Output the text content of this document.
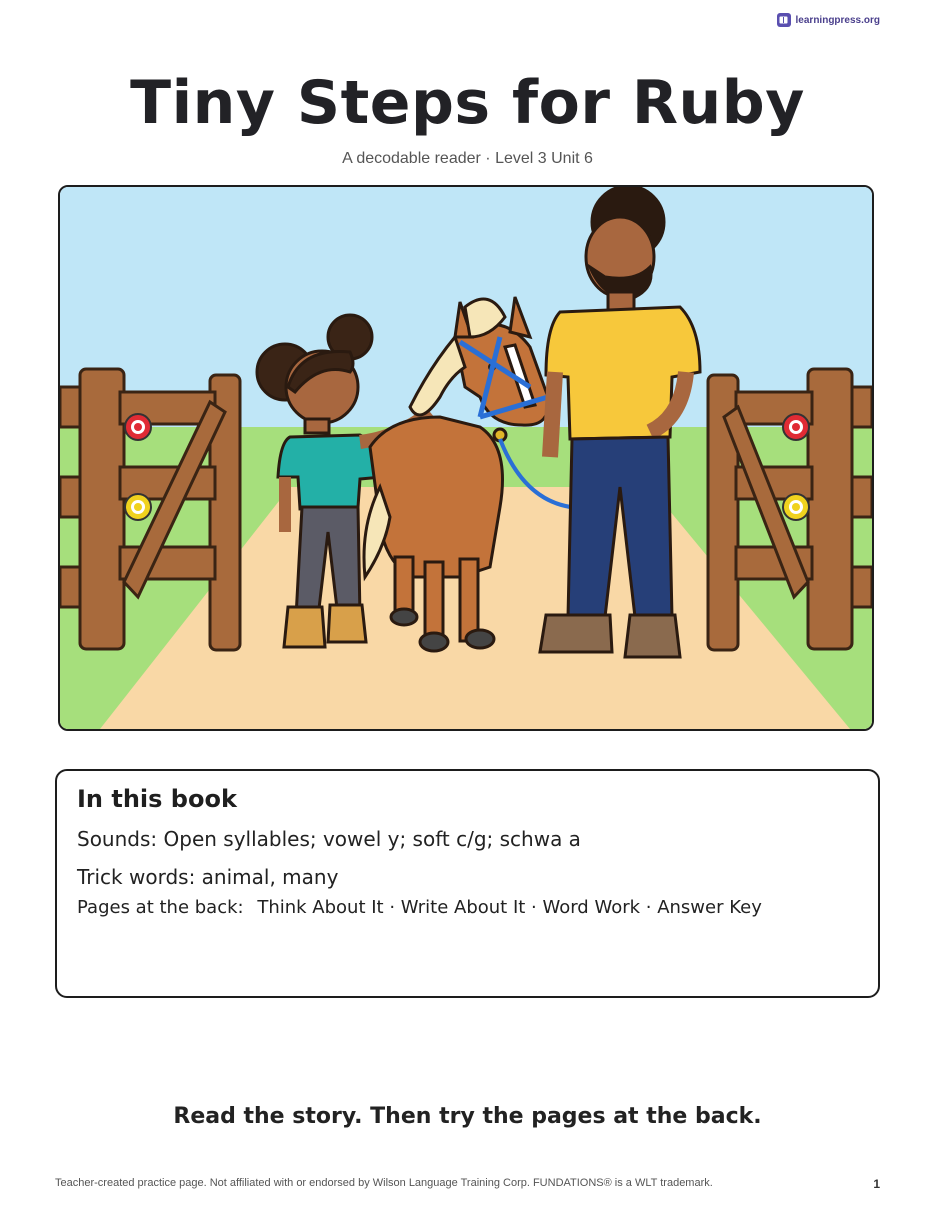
learningpress.org
Tiny Steps for Ruby
A decodable reader · Level 3 Unit 6
In this book
Sounds: Open syllables; vowel y; soft c/g; schwa a
Trick words: animal, many
Pages at the back: Think About It · Write About It · Word Work · Answer Key
Read the story. Then try the pages at the back.
Teacher-created practice page. Not affiliated with or endorsed by Wilson Language Training Corp. FUNDATIONS® is a WLT trademark.	1
